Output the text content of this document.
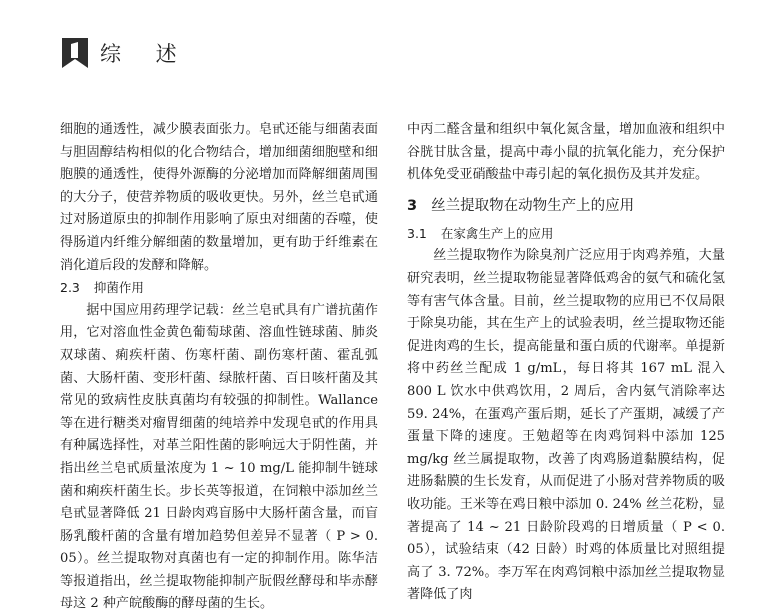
综 述

细胞的通透性，减少膜表面张力。皂甙还能与细菌表面与胆固醇结构相似的化合物结合，增加细菌细胞壁和细胞膜的通透性，使得外源酶的分泌增加而降解细菌周围的大分子，使营养物质的吸收更快。另外，丝兰皂甙通过对肠道原虫的抑制作用影响了原虫对细菌的吞噬，使得肠道内纤维分解细菌的数量增加，更有助于纤维素在消化道后段的发酵和降解。

2.3 抑菌作用

据中国应用药理学记载：丝兰皂甙具有广谱抗菌作用，它对溶血性金黄色葡萄球菌、溶血性链球菌、肺炎双球菌、痢疾杆菌、伤寒杆菌、副伤寒杆菌、霍乱弧菌、大肠杆菌、变形杆菌、绿脓杆菌、百日咳杆菌及其常见的致病性皮肤真菌均有较强的抑制性。Wallance 等在进行糖类对瘤胃细菌的纯培养中发现皂甙的作用具有种属选择性，对革兰阳性菌的影响远大于阴性菌，并指出丝兰皂甙质量浓度为 1 ~ 10 mg/L 能抑制牛链球菌和痢疾杆菌生长。步长英等报道，在饲粮中添加丝兰皂甙显著降低 21 日龄肉鸡盲肠中大肠杆菌含量，而盲肠乳酸杆菌的含量有增加趋势但差异不显著（ P > 0. 05）。丝兰提取物对真菌也有一定的抑制作用。陈华洁等报道指出，丝兰提取物能抑制产朊假丝酵母和毕赤酵母这 2 种产皖酸酶的酵母菌的生长。

中丙二醛含量和组织中氧化氮含量，增加血液和组织中谷胱甘肽含量，提高中毒小鼠的抗氧化能力，充分保护机体免受亚硝酸盐中毒引起的氧化损伤及其并发症。

3 丝兰提取物在动物生产上的应用

3.1 在家禽生产上的应用

丝兰提取物作为除臭剂广泛应用于肉鸡养殖，大量研究表明，丝兰提取物能显著降低鸡舍的氨气和硫化氢等有害气体含量。目前，丝兰提取物的应用已不仅局限于除臭功能，其在生产上的试验表明，丝兰提取物还能促进肉鸡的生长，提高能量和蛋白质的代谢率。单提新将中药丝兰配成 1 g/mL，每日将其 167 mL 混入 800 L 饮水中供鸡饮用，2 周后，舍内氨气消除率达 59. 24%，在蛋鸡产蛋后期，延长了产蛋期，减缓了产蛋量下降的速度。王勉超等在肉鸡饲料中添加 125 mg/kg 丝兰属提取物，改善了肉鸡肠道黏膜结构，促进肠黏膜的生长发育，从而促进了小肠对营养物质的吸收功能。王米等在鸡日粮中添加 0. 24% 丝兰花粉，显著提高了 14 ~ 21 日龄阶段鸡的日增质量（ P < 0. 05），试验结束（42 日龄）时鸡的体质量比对照组提高了 3. 72%。李万军在肉鸡饲粮中添加丝兰提取物显著降低了肉
